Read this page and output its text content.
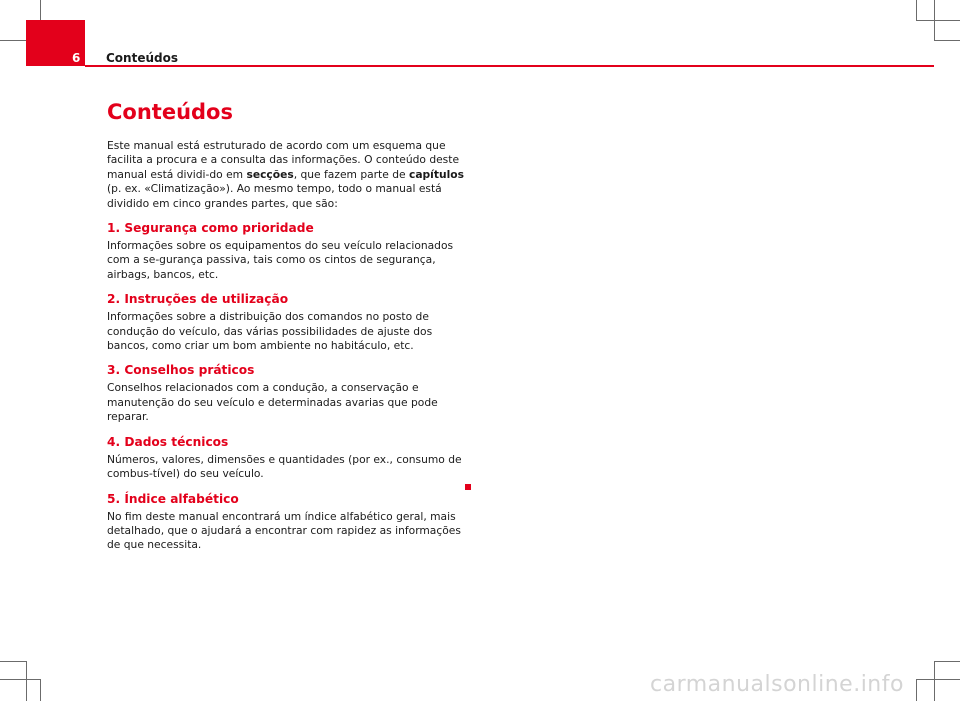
6	Conteúdos
Conteúdos

Este manual está estruturado de acordo com um esquema que facilita a procura e a consulta das informações. O conteúdo deste manual está dividi-do em secções, que fazem parte de capítulos (p. ex. «Climatização»). Ao mesmo tempo, todo o manual está dividido em cinco grandes partes, que são:

1. Segurança como prioridade

Informações sobre os equipamentos do seu veículo relacionados com a se-gurança passiva, tais como os cintos de segurança, airbags, bancos, etc.

2. Instruções de utilização

Informações sobre a distribuição dos comandos no posto de condução do veículo, das várias possibilidades de ajuste dos bancos, como criar um bom ambiente no habitáculo, etc.

3. Conselhos práticos

Conselhos relacionados com a condução, a conservação e manutenção do seu veículo e determinadas avarias que pode reparar.

4. Dados técnicos

Números, valores, dimensões e quantidades (por ex., consumo de combus-tível) do seu veículo.

5. Índice alfabético

No fim deste manual encontrará um índice alfabético geral, mais detalhado, que o ajudará a encontrar com rapidez as informações de que necessita.

carmanualsonline.info
